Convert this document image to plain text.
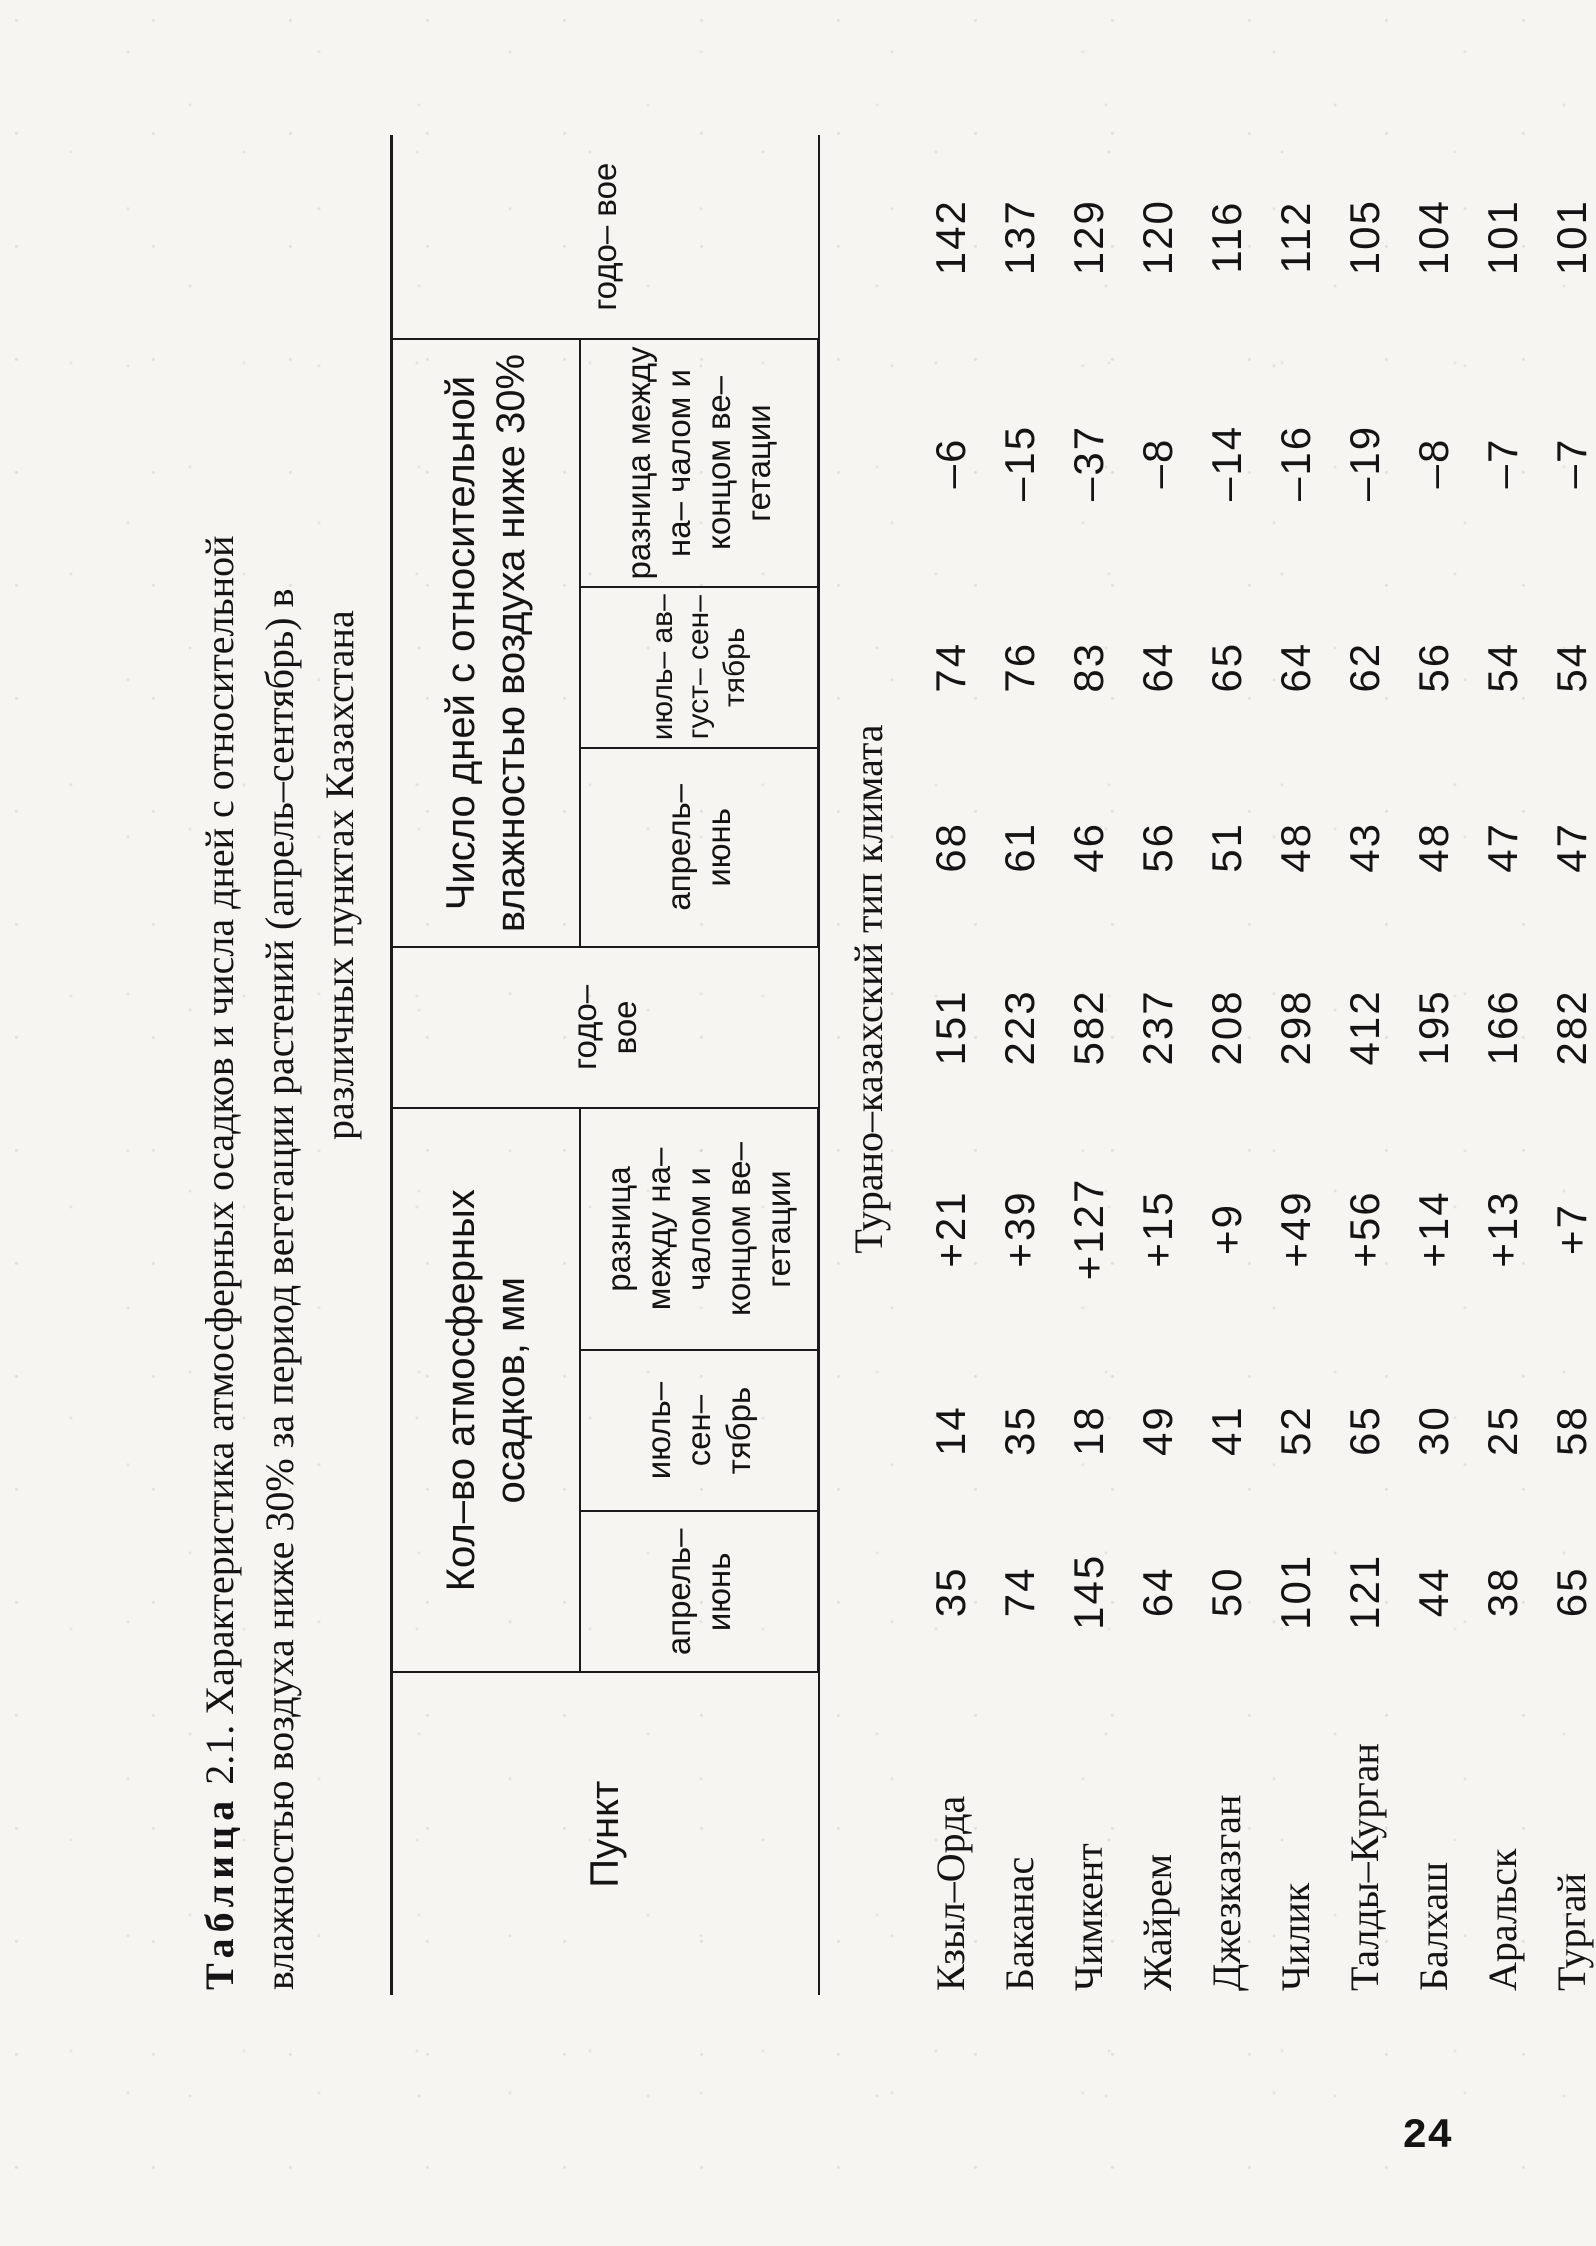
Таблица 2.1. Характеристика атмосферных осадков и числа дней с относительной влажностью воздуха ниже 30% за период вегетации растений (апрель–сентябрь) в различных пунктах Казахстана
Пункт	Кол–во атмосферных осадков, мм			годо– вое	Число дней с относительной влажностью воздуха ниже 30%			годо– вое
	апрель– июнь	июль– сен– тябрь	разница между на– чалом и концом ве– гетации		апрель– июнь	июль– ав– густ– сен– тябрь	разница между на– чалом и концом ве– гетации	
Турано–казахский тип климата								
Кзыл–Орда	35	14	+21	151	68	74	–6	142
Баканас	74	35	+39	223	61	76	–15	137
Чимкент	145	18	+127	582	46	83	–37	129
Жайрем	64	49	+15	237	56	64	–8	120
Джезказган	50	41	+9	208	51	65	–14	116
Чилик	101	52	+49	298	48	64	–16	112
Талды–Курган	121	65	+56	412	43	62	–19	105
Балхаш	44	30	+14	195	48	56	–8	104
Аральск	38	25	+13	166	47	54	–7	101
Тургай	65	58	+7	282	47	54	–7	101
24
